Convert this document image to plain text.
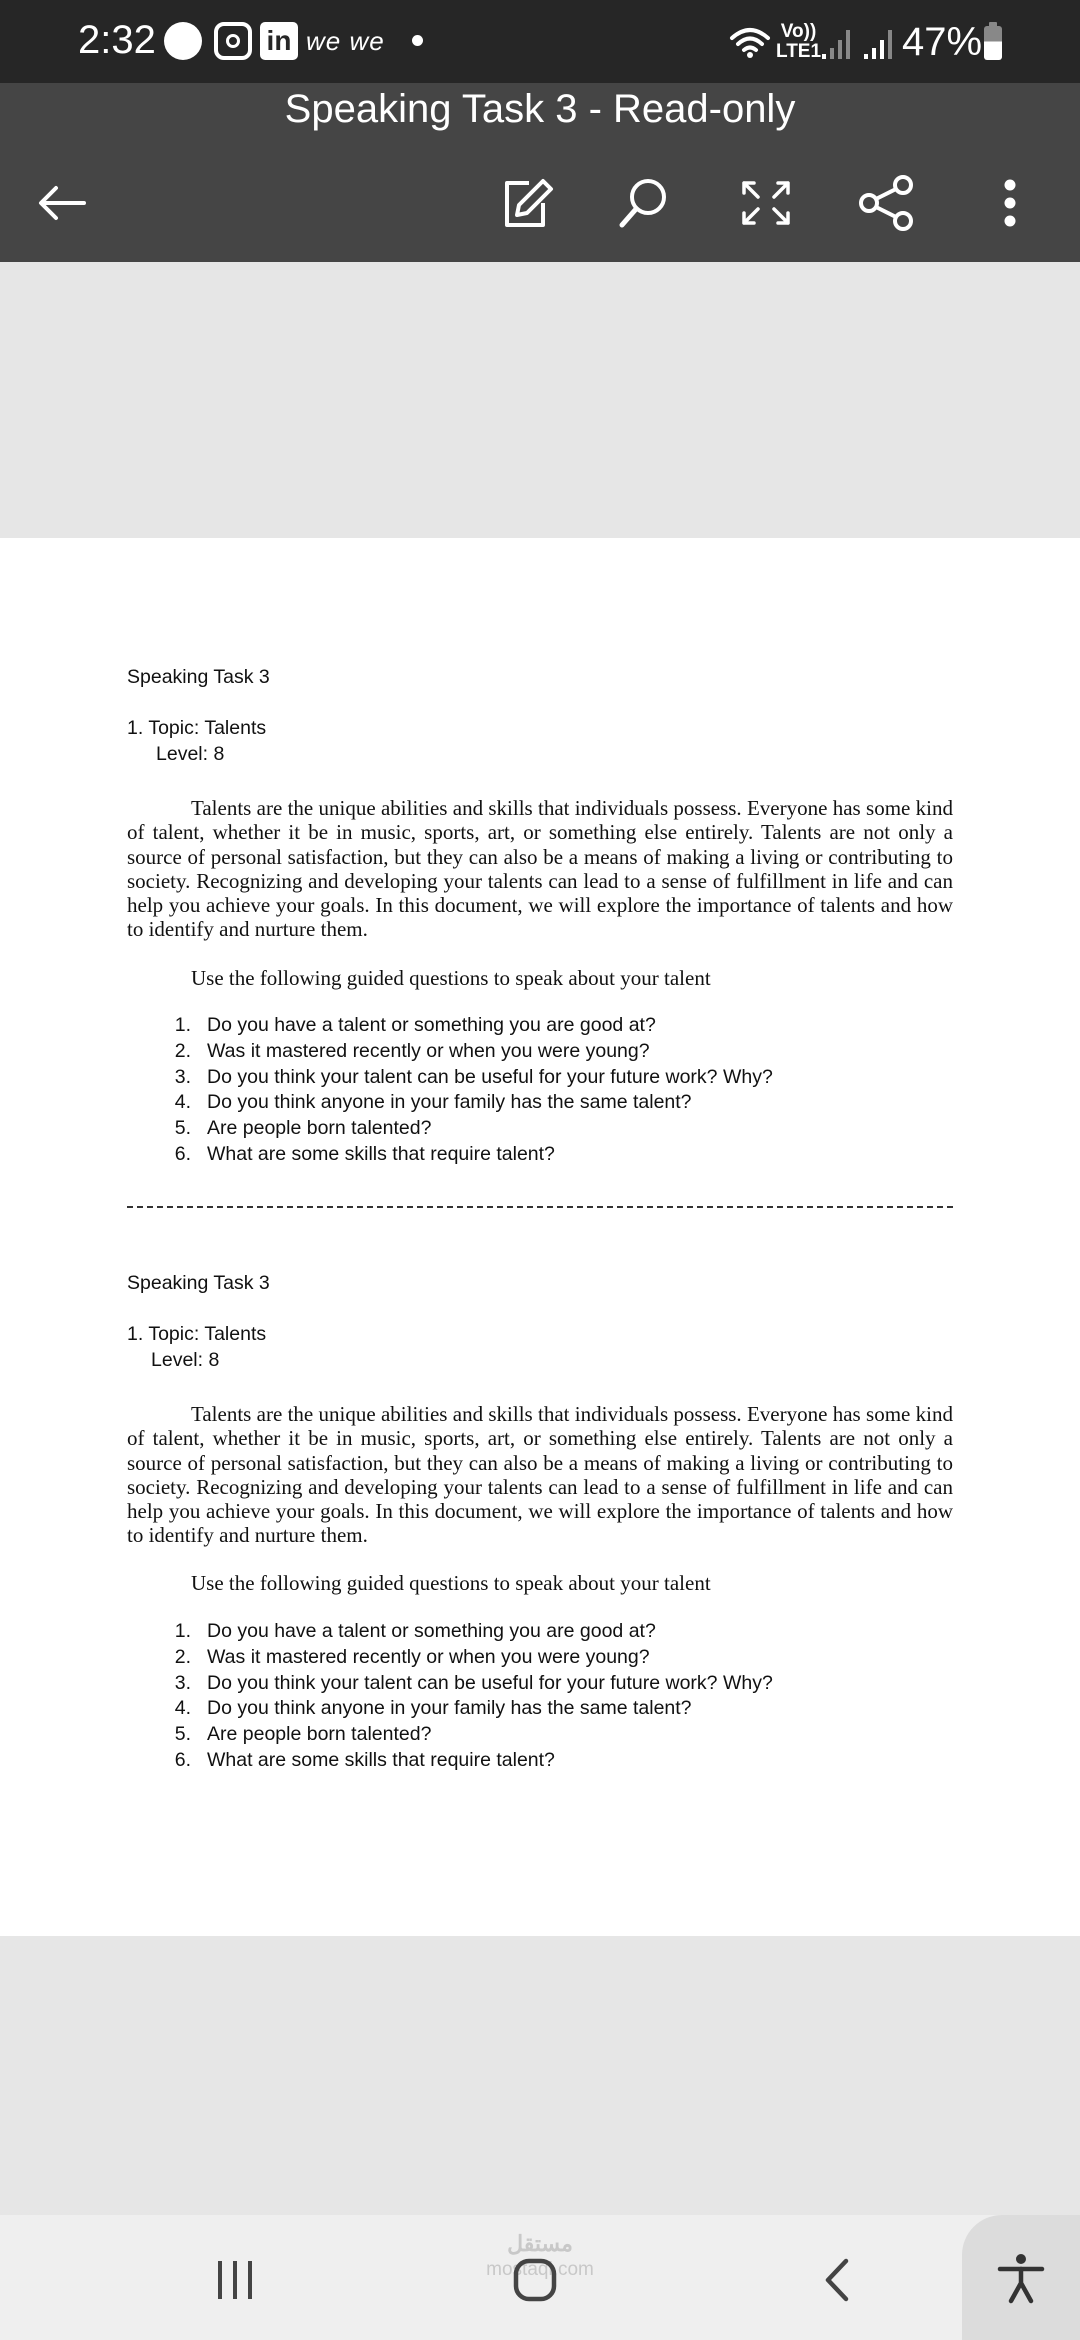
2:32	in we we	Vo))
LTE1 47%
Speaking Task 3 - Read-only
Speaking Task 3
1. Topic: Talents
Level: 8
Talents are the unique abilities and skills that individuals possess. Everyone has some kind of talent, whether it be in music, sports, art, or something else entirely. Talents are not only a source of personal satisfaction, but they can also be a means of making a living or contributing to society. Recognizing and developing your talents can lead to a sense of fulfillment in life and can help you achieve your goals. In this document, we will explore the importance of talents and how to identify and nurture them.
Use the following guided questions to speak about your talent
1. Do you have a talent or something you are good at?
2. Was it mastered recently or when you were young?
3. Do you think your talent can be useful for your future work? Why?
4. Do you think anyone in your family has the same talent?
5. Are people born talented?
6. What are some skills that require talent?
Speaking Task 3
1. Topic: Talents
Level: 8
Talents are the unique abilities and skills that individuals possess. Everyone has some kind of talent, whether it be in music, sports, art, or something else entirely. Talents are not only a source of personal satisfaction, but they can also be a means of making a living or contributing to society. Recognizing and developing your talents can lead to a sense of fulfillment in life and can help you achieve your goals. In this document, we will explore the importance of talents and how to identify and nurture them.
Use the following guided questions to speak about your talent
1. Do you have a talent or something you are good at?
2. Was it mastered recently or when you were young?
3. Do you think your talent can be useful for your future work? Why?
4. Do you think anyone in your family has the same talent?
5. Are people born talented?
6. What are some skills that require talent?
مستقل
mostaql.com
